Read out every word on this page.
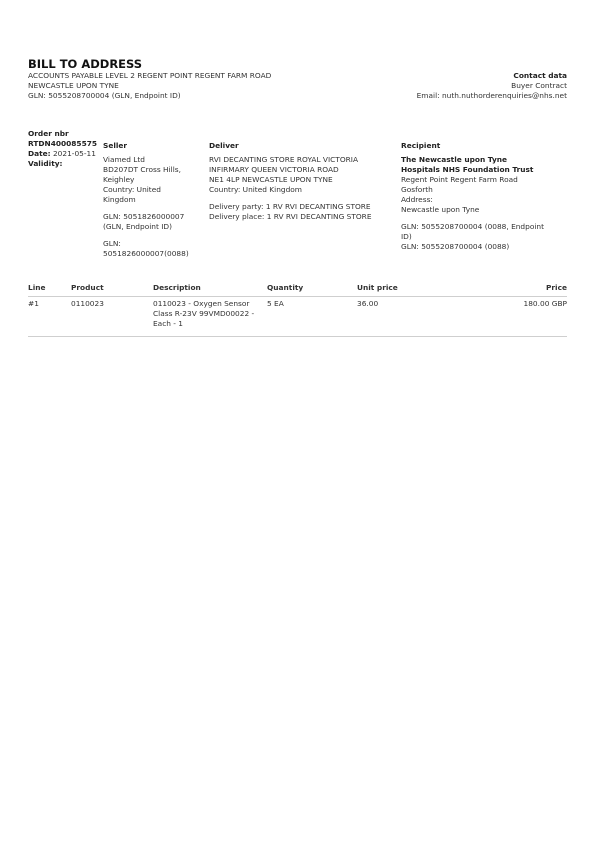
BILL TO ADDRESS
ACCOUNTS PAYABLE LEVEL 2 REGENT POINT REGENT FARM ROAD
NEWCASTLE UPON TYNE
GLN: 5055208700004 (GLN, Endpoint ID)
Contact data
Buyer Contract
Email: nuth.nuthorderenquiries@nhs.net
Order nbr
RTDN400085575
Date: 2021-05-11
Validity:
Seller
Viamed Ltd
BD207DT Cross Hills,
Keighley
Country: United
Kingdom
GLN: 5051826000007
(GLN, Endpoint ID)
GLN:
5051826000007(0088)
Deliver
RVI DECANTING STORE ROYAL VICTORIA
INFIRMARY QUEEN VICTORIA ROAD
NE1 4LP NEWCASTLE UPON TYNE
Country: United Kingdom
Delivery party: 1 RV RVI DECANTING STORE
Delivery place: 1 RV RVI DECANTING STORE
Recipient
The Newcastle upon Tyne
Hospitals NHS Foundation Trust
Regent Point Regent Farm Road
Gosforth
Address:
Newcastle upon Tyne
GLN: 5055208700004 (0088, Endpoint
ID)
GLN: 5055208700004 (0088)
Line	Product	Description	Quantity	Unit price	Price
#1	0110023	0110023 - Oxygen Sensor
Class R-23V 99VMD00022 -
Each - 1
5 EA	36.00	180.00 GBP
